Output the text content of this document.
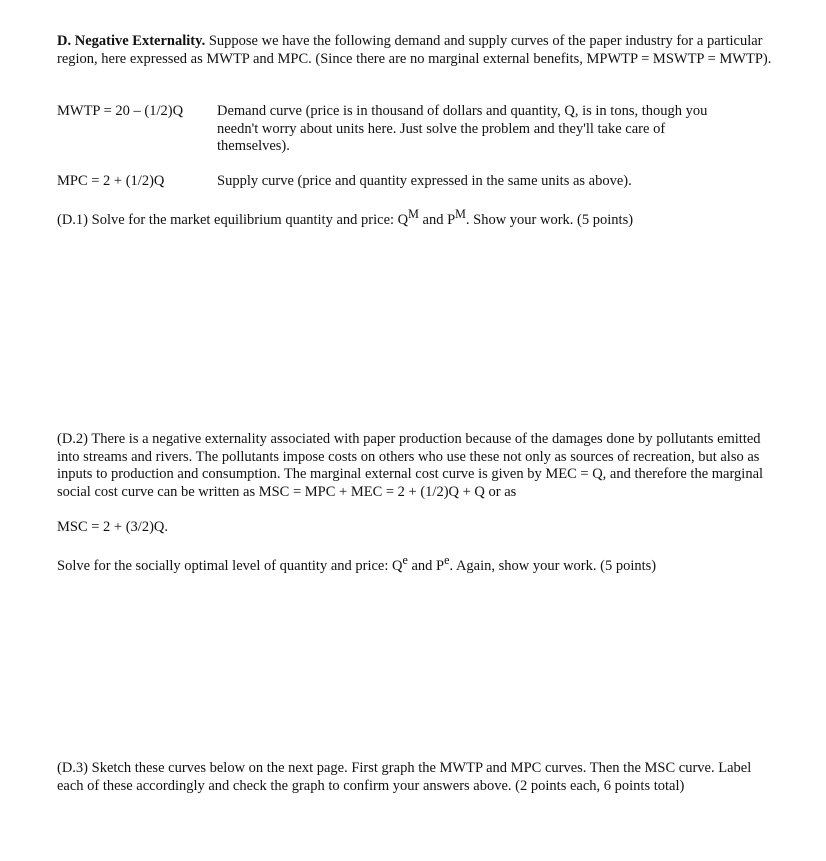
D. Negative Externality. Suppose we have the following demand and supply curves of the paper industry for a particular region, here expressed as MWTP and MPC. (Since there are no marginal external benefits, MPWTP = MSWTP = MWTP).
MWTP = 20 – (1/2)Q	Demand curve (price is in thousand of dollars and quantity, Q, is in tons, though you needn't worry about units here. Just solve the problem and they'll take care of themselves).
MPC = 2 + (1/2)Q	Supply curve (price and quantity expressed in the same units as above).
(D.1) Solve for the market equilibrium quantity and price: $Q^M$ and $P^M$. Show your work. (5 points)
(D.2) There is a negative externality associated with paper production because of the damages done by pollutants emitted into streams and rivers. The pollutants impose costs on others who use these not only as sources of recreation, but also as inputs to production and consumption. The marginal external cost curve is given by MEC = Q, and therefore the marginal social cost curve can be written as MSC = MPC + MEC = 2 + (1/2)Q + Q or as
MSC = 2 + (3/2)Q.
Solve for the socially optimal level of quantity and price: $Q^e$ and $P^e$. Again, show your work. (5 points)
(D.3) Sketch these curves below on the next page. First graph the MWTP and MPC curves. Then the MSC curve. Label each of these accordingly and check the graph to confirm your answers above. (2 points each, 6 points total)
